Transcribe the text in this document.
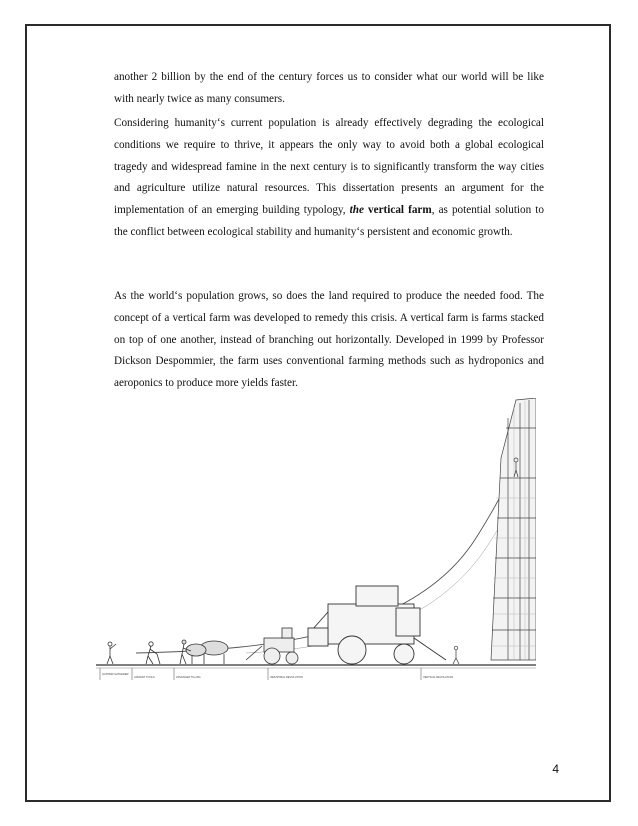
another 2 billion by the end of the century forces us to consider what our world will be like with nearly twice as many consumers.

Considering humanity‘s current population is already effectively degrading the ecological conditions we require to thrive, it appears the only way to avoid both a global ecological tragedy and widespread famine in the next century is to significantly transform the way cities and agriculture utilize natural resources. This dissertation presents an argument for the implementation of an emerging building typology, the vertical farm, as potential solution to the conflict between ecological stability and humanity‘s persistent and economic growth.

As the world‘s population grows, so does the land required to produce the needed food. The concept of a vertical farm was developed to remedy this crisis. A vertical farm is farms stacked on top of one another, instead of branching out horizontally. Developed in 1999 by Professor Dickson Despommier, the farm uses conventional farming methods such as hydroponics and aeroponics to produce more yields faster.

HUNTER/ GATHERER
ANCIENT TOOLS	ADVANCED TILLING	INDUSTRIAL REVOLUTION	VERTICAL REVOLUTION
4
